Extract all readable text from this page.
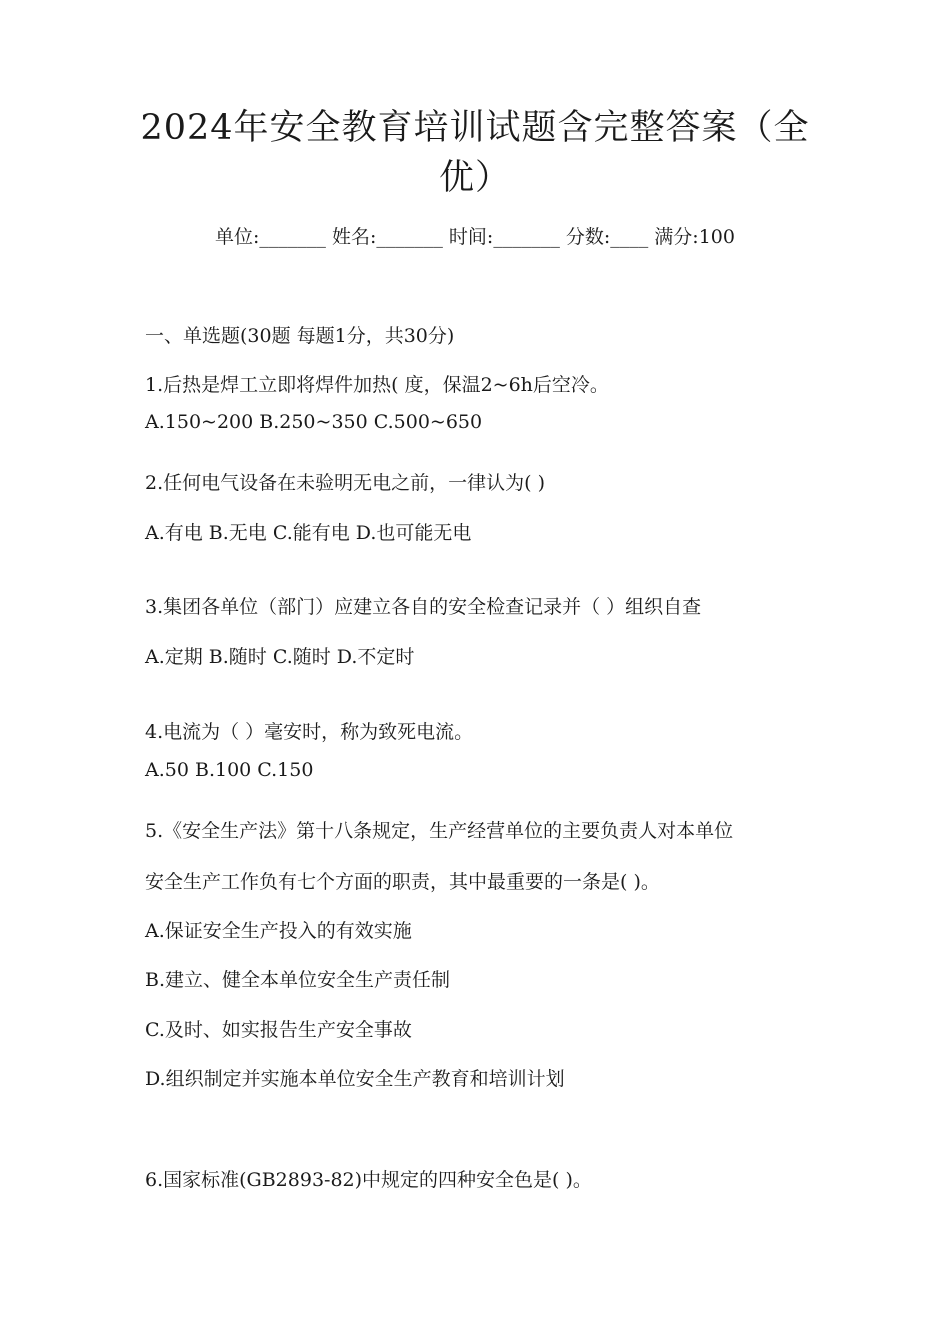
2024年安全教育培训试题含完整答案（全
优）
单位:_______ 姓名:_______ 时间:_______ 分数:____ 满分:100
一、单选题(30题 每题1分，共30分)
1.后热是焊工立即将焊件加热( 度，保温2~6h后空冷。
A.150~200 B.250~350 C.500~650
2.任何电气设备在未验明无电之前，一律认为( )
A.有电 B.无电 C.能有电 D.也可能无电
3.集团各单位（部门）应建立各自的安全检查记录并（ ）组织自查
A.定期 B.随时 C.随时 D.不定时
4.电流为（ ）毫安时，称为致死电流。
A.50 B.100 C.150
5.《安全生产法》第十八条规定，生产经营单位的主要负责人对本单位
安全生产工作负有七个方面的职责，其中最重要的一条是( )。
A.保证安全生产投入的有效实施
B.建立、健全本单位安全生产责任制
C.及时、如实报告生产安全事故
D.组织制定并实施本单位安全生产教育和培训计划
6.国家标准(GB2893-82)中规定的四种安全色是( )。
